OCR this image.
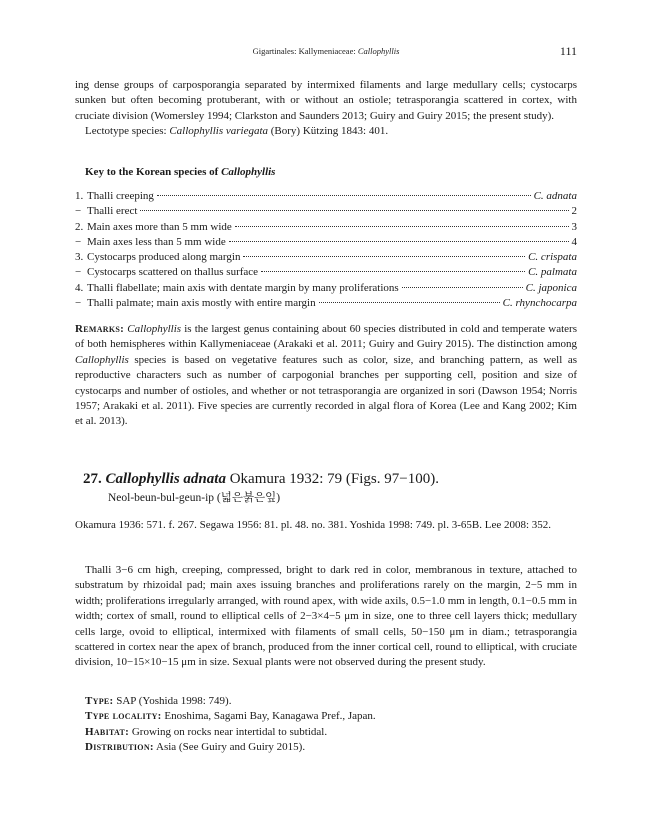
Gigartinales: Kallymeniaceae: Callophyllis	111

ing dense groups of carposporangia separated by intermixed filaments and large medullary cells; cystocarps sunken but often becoming protuberant, with or without an ostiole; tetrasporangia scattered in cortex, with cruciate division (Womersley 1994; Clarkston and Saunders 2013; Guiry and Guiry 2015; the present study).

Lectotype species: Callophyllis variegata (Bory) Kützing 1843: 401.

Key to the Korean species of Callophyllis
1. Thalli creeping	C. adnata
− Thalli erect	2
2. Main axes more than 5 mm wide	3
− Main axes less than 5 mm wide	4
3. Cystocarps produced along margin	C. crispata
− Cystocarps scattered on thallus surface	C. palmata
4. Thalli flabellate; main axis with dentate margin by many proliferations	C. japonica
− Thalli palmate; main axis mostly with entire margin	C. rhynchocarpa

Remarks: Callophyllis is the largest genus containing about 60 species distributed in cold and temperate waters of both hemispheres within Kallymeniaceae (Arakaki et al. 2011; Guiry and Guiry 2015). The distinction among Callophyllis species is based on vegetative features such as color, size, and branching pattern, as well as reproductive characters such as number of carpogonial branches per supporting cell, position and size of cystocarps and number of ostioles, and whether or not tetrasporangia are organized in sori (Dawson 1954; Norris 1957; Arakaki et al. 2011). Five species are currently recorded in algal flora of Korea (Lee and Kang 2002; Kim et al. 2013).

27. Callophyllis adnata Okamura 1932: 79 (Figs. 97−100).
Neol-beun-bul-geun-ip (넓은붉은잎)

Okamura 1936: 571. f. 267. Segawa 1956: 81. pl. 48. no. 381. Yoshida 1998: 749. pl. 3-65B. Lee 2008: 352.

Thalli 3−6 cm high, creeping, compressed, bright to dark red in color, membranous in texture, attached to substratum by rhizoidal pad; main axes issuing branches and proliferations rarely on the margin, 2−5 mm in width; proliferations irregularly arranged, with round apex, with wide axils, 0.5−1.0 mm in length, 0.1−0.5 mm in width; cortex of small, round to elliptical cells of 2−3×4−5 μm in size, one to three cell layers thick; medullary cells large, ovoid to elliptical, intermixed with filaments of small cells, 50−150 μm in diam.; tetrasporangia scattered in cortex near the apex of branch, produced from the inner cortical cell, round to elliptical, with cruciate division, 10−15×10−15 μm in size. Sexual plants were not observed during the present study.

Type: SAP (Yoshida 1998: 749).
Type locality: Enoshima, Sagami Bay, Kanagawa Pref., Japan.
Habitat: Growing on rocks near intertidal to subtidal.
Distribution: Asia (See Guiry and Guiry 2015).
